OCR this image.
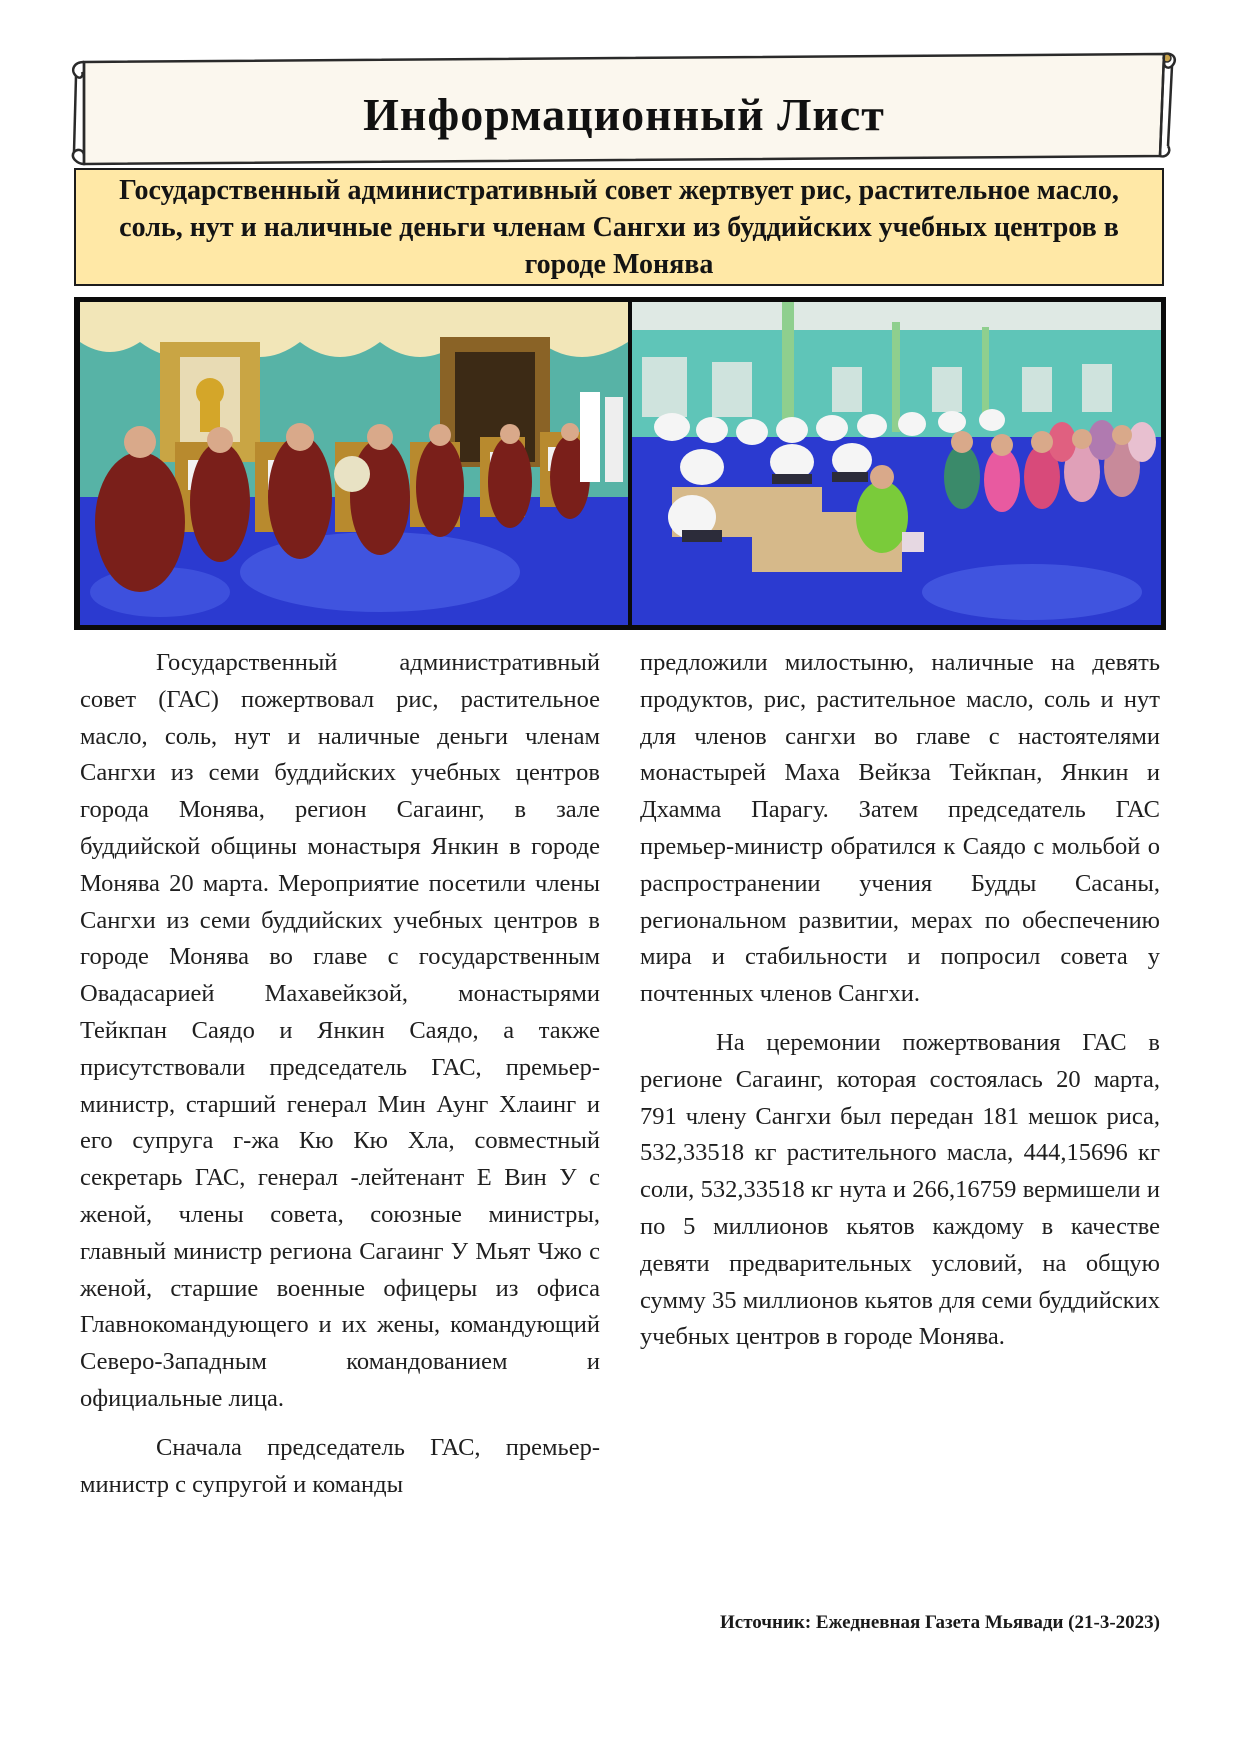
Информационный Лист
Государственный административный совет жертвует рис, растительное масло, соль, нут и наличные деньги членам Сангхи из буддийских учебных центров в городе Монява

Государственный административный совет (ГАС) пожертвовал рис, растительное масло, соль, нут и наличные деньги членам Сангхи из семи буддийских учебных центров города Монява, регион Сагаинг, в зале буддийской общины монастыря Янкин в городе Монява 20 марта. Мероприятие посетили члены Сангхи из семи буддийских учебных центров в городе Монява во главе с государственным Овадасарией Махавейкзой, монастырями Тейкпан Саядо и Янкин Саядо, а также присутствовали председатель ГАС, премьер-министр, старший генерал Мин Аунг Хлаинг и его супруга г-жа Кю Кю Хла, совместный секретарь ГАС, генерал -лейтенант Е Вин У с женой, члены совета, союзные министры, главный министр региона Сагаинг У Мьят Чжо с женой, старшие военные офицеры из офиса Главнокомандующего и их жены, командующий Северо-Западным командованием и официальные лица.

Сначала председатель ГАС, премьер-министр с супругой и команды

предложили милостыню, наличные на девять продуктов, рис, растительное масло, соль и нут для членов сангхи во главе с настоятелями монастырей Маха Вейкза Тейкпан, Янкин и Дхамма Парагу. Затем председатель ГАС премьер-министр обратился к Саядо с мольбой о распространении учения Будды Сасаны, региональном развитии, мерах по обеспечению мира и стабильности и попросил совета у почтенных членов Сангхи.

На церемонии пожертвования ГАС в регионе Сагаинг, которая состоялась 20 марта, 791 члену Сангхи был передан 181 мешок риса, 532,33518 кг растительного масла, 444,15696 кг соли, 532,33518 кг нута и 266,16759 вермишели и по 5 миллионов кьятов каждому в качестве девяти предварительных условий, на общую сумму 35 миллионов кьятов для семи буддийских учебных центров в городе Монява.

Источник: Ежедневная Газета Мьявади (21-3-2023)
